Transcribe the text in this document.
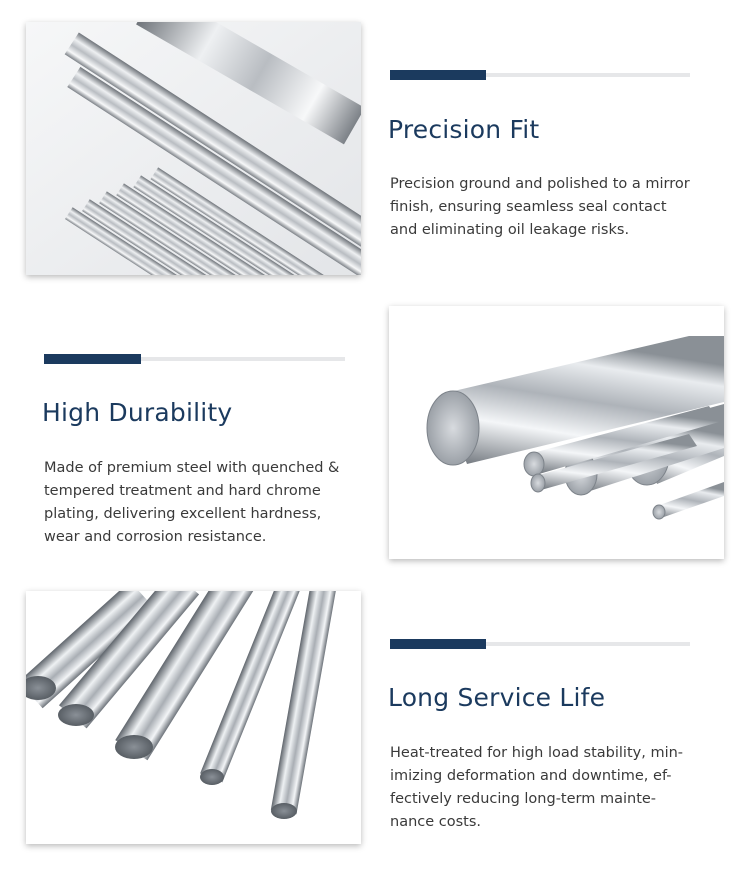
Precision Fit

Precision ground and polished to a mirror
finish, ensuring seamless seal contact
and eliminating oil leakage risks.

High Durability

Made of premium steel with quenched &
tempered treatment and hard chrome
plating, delivering excellent hardness,
wear and corrosion resistance.

Long Service Life

Heat-treated for high load stability, min-
imizing deformation and downtime, ef-
fectively reducing long-term mainte-
nance costs.
